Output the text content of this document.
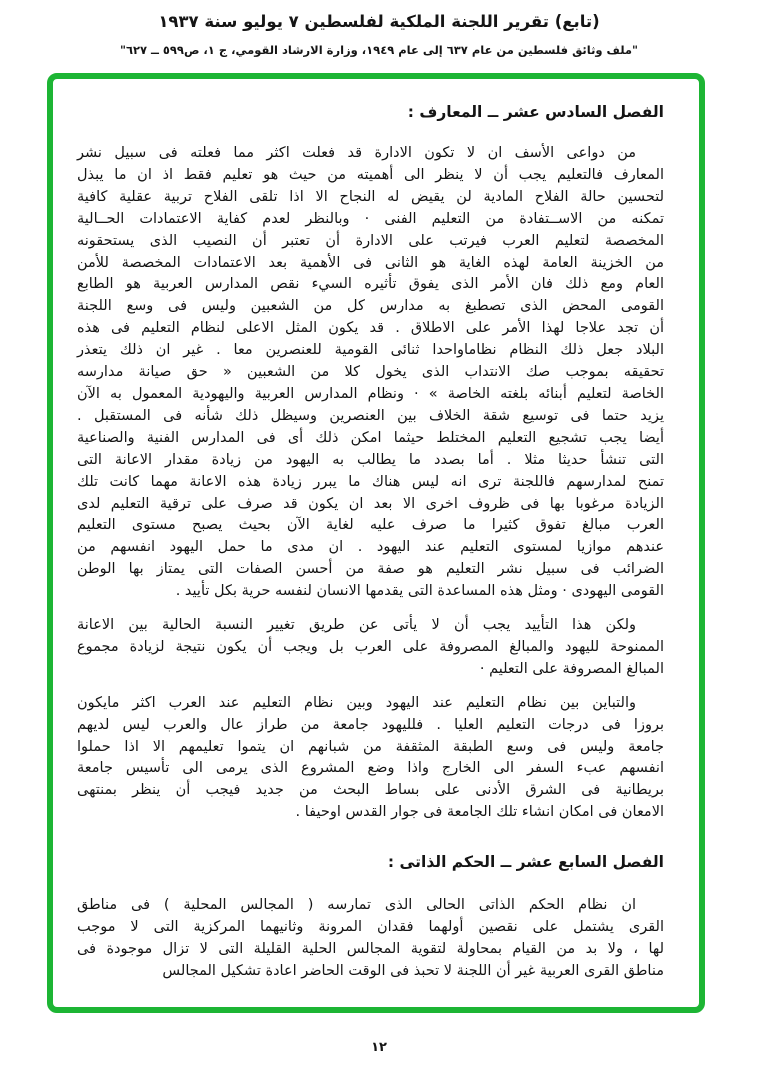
(تابع) تقرير اللجنة الملكية لفلسطين ٧ يوليو سنة ١٩٣٧
"ملف وثائق فلسطين من عام ٦٣٧ إلى عام ١٩٤٩، وزارة الارشاد القومي، ج ١، ص٥٩٩ ــ ٦٢٧"
الفصل السادس عشر ــ المعارف :
من دواعى الأسف ان لا تكون الادارة قد فعلت اكثر مما فعلته فى سبيل نشر
المعارف فالتعليم يجب أن لا ينظر الى أهميته من حيث هو تعليم فقط اذ ان ما يبذل
لتحسين حالة الفلاح المادية لن يقيض له النجاح الا اذا تلقى الفلاح تربية عقلية كافية
تمكنه من الاســتفادة من التعليم الفنى · وبالنظر لعدم كفاية الاعتمادات الحــالية
المخصصة لتعليم العرب فيرتب على الادارة أن تعتبر أن النصيب الذى يستحقونه
من الخزينة العامة لهذه الغاية هو الثانى فى الأهمية بعد الاعتمادات المخصصة للأمن
العام ومع ذلك فان الأمر الذى يفوق تأثيره السيء نقص المدارس العربية هو الطابع
القومى المحض الذى تصطبغ به مدارس كل من الشعبين وليس فى وسع اللجنة
أن تجد علاجا لهذا الأمر على الاطلاق . قد يكون المثل الاعلى لنظام التعليم فى هذه
البلاد جعل ذلك النظام نظاماواحدا ثنائى القومية للعنصرين معا . غير ان ذلك يتعذر
تحقيقه بموجب صك الانتداب الذى يخول كلا من الشعبين « حق صيانة مدارسه
الخاصة لتعليم أبنائه بلغته الخاصة » · ونظام المدارس العربية واليهودية المعمول به الآن
يزيد حتما فى توسيع شقة الخلاف بين العنصرين وسيظل ذلك شأنه فى المستقبل .
أيضا يجب تشجيع التعليم المختلط حيثما امكن ذلك أى فى المدارس الفنية والصناعية
التى تنشأ حديثا مثلا . أما بصدد ما يطالب به اليهود من زيادة مقدار الاعانة التى
تمنح لمدارسهم فاللجنة ترى انه ليس هناك ما يبرر زيادة هذه الاعانة مهما كانت تلك
الزيادة مرغوبا بها فى ظروف اخرى الا بعد ان يكون قد صرف على ترقية التعليم لدى
العرب مبالغ تفوق كثيرا ما صرف عليه لغاية الآن بحيث يصبح مستوى التعليم
عندهم موازيا لمستوى التعليم عند اليهود . ان مدى ما حمل اليهود انفسهم من
الضرائب فى سبيل نشر التعليم هو صفة من أحسن الصفات التى يمتاز بها الوطن
القومى اليهودى · ومثل هذه المساعدة التى يقدمها الانسان لنفسه حرية بكل تأييد .
ولكن هذا التأييد يجب أن لا يأتى عن طريق تغيير النسبة الحالية بين الاعانة
الممنوحة لليهود والمبالغ المصروفة على العرب بل ويجب أن يكون نتيجة لزيادة مجموع
المبالغ المصروفة على التعليم ·
والتباين بين نظام التعليم عند اليهود وبين نظام التعليم عند العرب اكثر مايكون
بروزا فى درجات التعليم العليا . فلليهود جامعة من طراز عال والعرب ليس لديهم
جامعة وليس فى وسع الطبقة المثقفة من شبانهم ان يتموا تعليمهم الا اذا حملوا
انفسهم عبء السفر الى الخارج واذا وضع المشروع الذى يرمى الى تأسيس جامعة
بريطانية فى الشرق الأدنى على بساط البحث من جديد فيجب أن ينظر بمنتهى
الامعان فى امكان انشاء تلك الجامعة فى جوار القدس اوحيفا .
الفصل السابع عشر ــ الحكم الذاتى :
ان نظام الحكم الذاتى الحالى الذى تمارسه ( المجالس المحلية ) فى مناطق
القرى يشتمل على نقصين أولهما فقدان المرونة وثانيهما المركزية التى لا موجب
لها ، ولا بد من القيام بمحاولة لتقوية المجالس الحلية القليلة التى لا تزال موجودة فى
مناطق القرى العربية غير أن اللجنة لا تحبذ فى الوقت الحاضر اعادة تشكيل المجالس
١٢
